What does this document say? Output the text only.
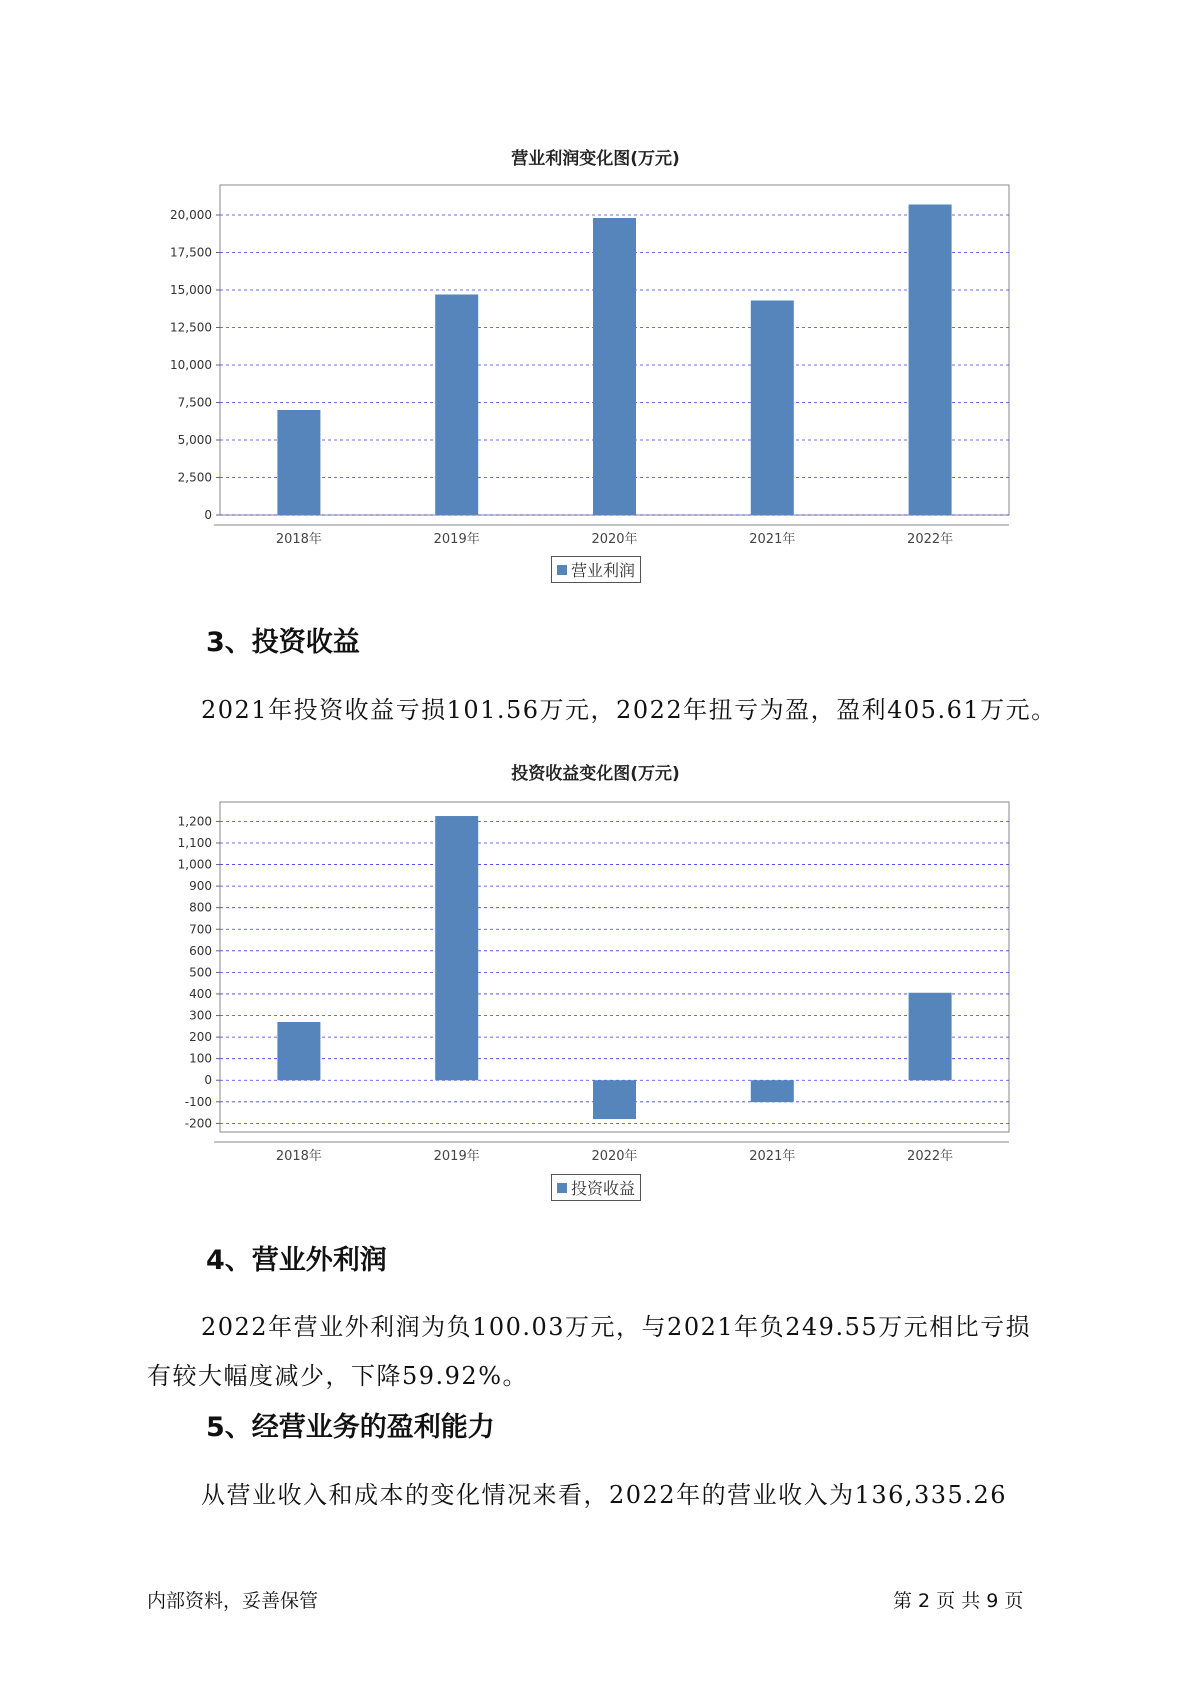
营业利润变化图(万元)
0
2,500
5,000
7,500
10,000
12,500
15,000
17,500
20,000
2018年	2019年	2020年	2021年	2022年
营业利润
3、投资收益
2021年投资收益亏损101.56万元，2022年扭亏为盈，盈利405.61万元。
投资收益变化图(万元)
-200
-100
0
100
200
300
400
500
600
700
800
900
1,000
1,100
1,200
2018年	2019年	2020年	2021年	2022年
投资收益
4、营业外利润
2022年营业外利润为负100.03万元，与2021年负249.55万元相比亏损
有较大幅度减少，下降59.92%。
5、经营业务的盈利能力
从营业收入和成本的变化情况来看，2022年的营业收入为136,335.26
内部资料，妥善保管	第 2 页 共 9 页
